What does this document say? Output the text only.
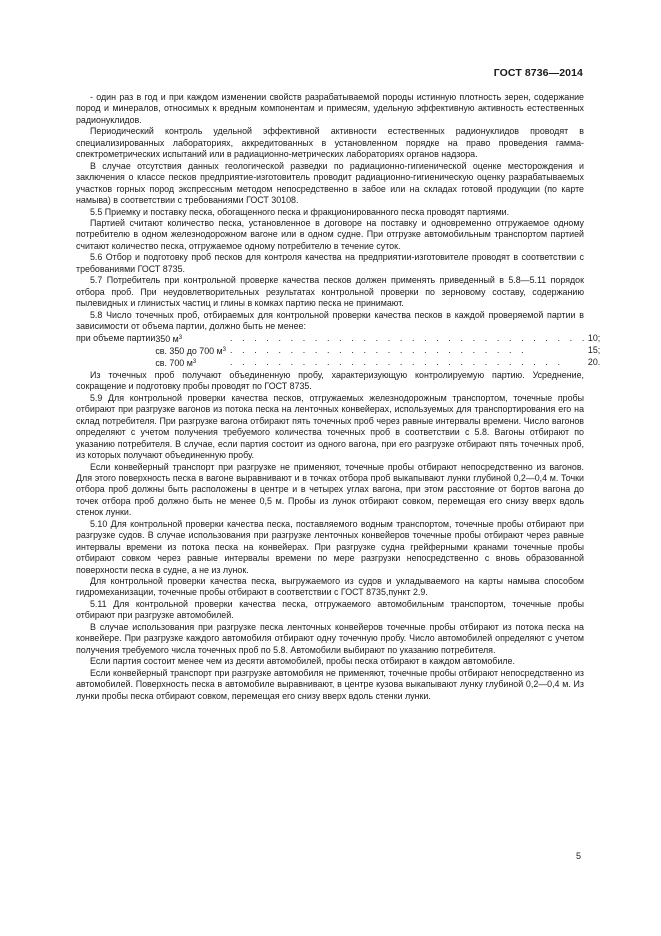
ГОСТ 8736—2014

- один раз в год и при каждом изменении свойств разрабатываемой породы истинную плотность зерен, содержание пород и минералов, относимых к вредным компонентам и примесям, удельную эффективную активность естественных радионуклидов.

Периодический контроль удельной эффективной активности естественных радионуклидов проводят в специализированных лабораториях, аккредитованных в установленном порядке на право проведения гамма-спектрометрических испытаний или в радиационно-метрических лабораториях органов надзора.

В случае отсутствия данных геологической разведки по радиационно-гигиенической оценке месторождения и заключения о классе песков предприятие-изготовитель проводит радиационно-гигиеническую оценку разрабатываемых участков горных пород экспрессным методом непосредственно в забое или на складах готовой продукции (по карте намыва) в соответствии с требованиями ГОСТ 30108.

5.5 Приемку и поставку песка, обогащенного песка и фракционированного песка проводят партиями.

Партией считают количество песка, установленное в договоре на поставку и одновременно отгружаемое одному потребителю в одном железнодорожном вагоне или в одном судне. При отгрузке автомобильным транспортом партией считают количество песка, отгружаемое одному потребителю в течение суток.

5.6 Отбор и подготовку проб песков для контроля качества на предприятии-изготовителе проводят в соответствии с требованиями ГОСТ 8735.

5.7 Потребитель при контрольной проверке качества песков должен применять приведенный в 5.8—5.11 порядок отбора проб. При неудовлетворительных результатах контрольной проверки по зерновому составу, содержанию пылевидных и глинистых частиц и глины в комках партию песка не принимают.

5.8 Число точечных проб, отбираемых для контрольной проверки качества песков в каждой проверяемой партии в зависимости от объема партии, должно быть не менее:

при объеме партии	350 $м^3$	. . . . . . . . . . . . . . . . . . . . . . . . . . . . . .	10;
	св. 350 до 700 $м^3$	. . . . . . . . . . . . . . . . . . . . . . . . .	15;
	св. 700 $м^3$	. . . . . . . . . . . . . . . . . . . . . . . . . . . .	20.

Из точечных проб получают объединенную пробу, характеризующую контролируемую партию. Усреднение, сокращение и подготовку пробы проводят по ГОСТ 8735.

5.9 Для контрольной проверки качества песков, отгружаемых железнодорожным транспортом, точечные пробы отбирают при разгрузке вагонов из потока песка на ленточных конвейерах, используемых для транспортирования его на склад потребителя. При разгрузке вагона отбирают пять точечных проб через равные интервалы времени. Число вагонов определяют с учетом получения требуемого количества точечных проб в соответствии с 5.8. Вагоны отбирают по указанию потребителя. В случае, если партия состоит из одного вагона, при его разгрузке отбирают пять точечных проб, из которых получают объединенную пробу.

Если конвейерный транспорт при разгрузке не применяют, точечные пробы отбирают непосредственно из вагонов. Для этого поверхность песка в вагоне выравнивают и в точках отбора проб выкапывают лунки глубиной 0,2—0,4 м. Точки отбора проб должны быть расположены в центре и в четырех углах вагона, при этом расстояние от бортов вагона до точек отбора проб должно быть не менее 0,5 м. Пробы из лунок отбирают совком, перемещая его снизу вверх вдоль стенок лунки.

5.10 Для контрольной проверки качества песка, поставляемого водным транспортом, точечные пробы отбирают при разгрузке судов. В случае использования при разгрузке ленточных конвейеров точечные пробы отбирают через равные интервалы времени из потока песка на конвейерах. При разгрузке судна грейферными кранами точечные пробы отбирают совком через равные интервалы времени по мере разгрузки непосредственно с вновь образованной поверхности песка в судне, а не из лунок.

Для контрольной проверки качества песка, выгружаемого из судов и укладываемого на карты намыва способом гидромеханизации, точечные пробы отбирают в соответствии с ГОСТ 8735,пункт 2.9.

5.11 Для контрольной проверки качества песка, отгружаемого автомобильным транспортом, точечные пробы отбирают при разгрузке автомобилей.

В случае использования при разгрузке песка ленточных конвейеров точечные пробы отбирают из потока песка на конвейере. При разгрузке каждого автомобиля отбирают одну точечную пробу. Число автомобилей определяют с учетом получения требуемого числа точечных проб по 5.8. Автомобили выбирают по указанию потребителя.

Если партия состоит менее чем из десяти автомобилей, пробы песка отбирают в каждом автомобиле.

Если конвейерный транспорт при разгрузке автомобиля не применяют, точечные пробы отбирают непосредственно из автомобилей. Поверхность песка в автомобиле выравнивают, в центре кузова выкапывают лунку глубиной 0,2—0,4 м. Из лунки пробы песка отбирают совком, перемещая его снизу вверх вдоль стенки лунки.

5
